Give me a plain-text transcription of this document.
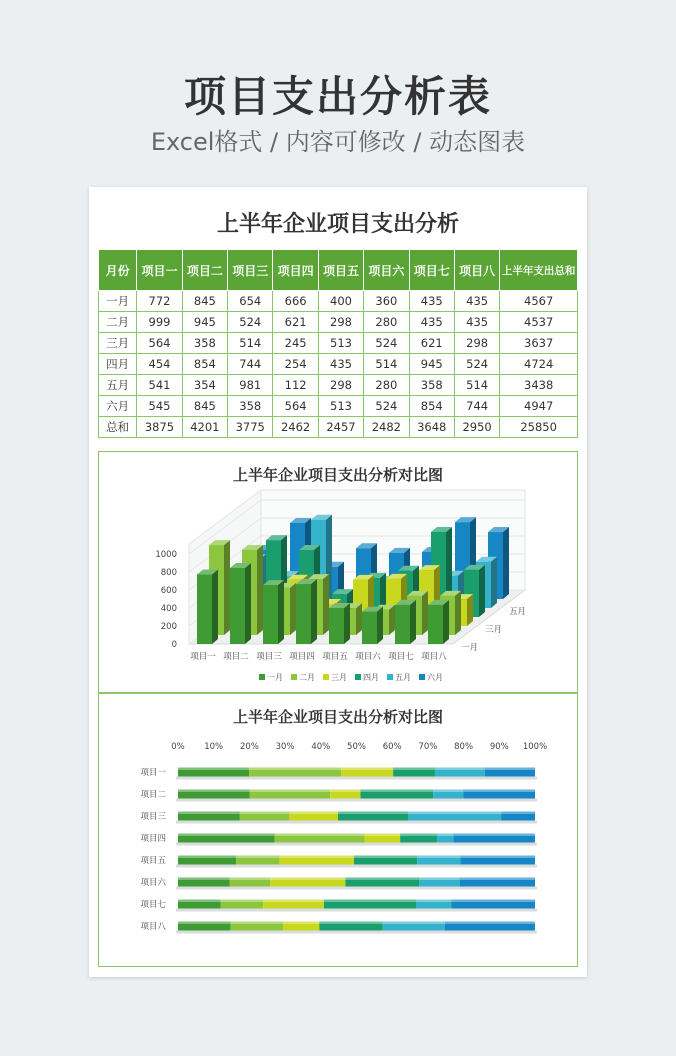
项目支出分析表
Excel格式 / 内容可修改 / 动态图表
上半年企业项目支出分析
月份	项目一	项目二	项目三	项目四	项目五	项目六	项目七	项目八	上半年支出总和
一月	772	845	654	666	400	360	435	435	4567
二月	999	945	524	621	298	280	435	435	4537
三月	564	358	514	245	513	524	621	298	3637
四月	454	854	744	254	435	514	945	524	4724
五月	541	354	981	112	298	280	358	514	3438
六月	545	845	358	564	513	524	854	744	4947
总和	3875	4201	3775	2462	2457	2482	3648	2950	25850
上半年企业项目支出分析对比图
0
200
400
600
800
1000
项目一 项目二 项目三 项目四 项目五 项目六 项目七 项目八
一月
三月
五月
一月 二月 三月 四月 五月 六月
上半年企业项目支出分析对比图
0% 10% 20% 30% 40% 50% 60% 70% 80% 90% 100%
项目一
项目二
项目三
项目四
项目五
项目六
项目七
项目八
